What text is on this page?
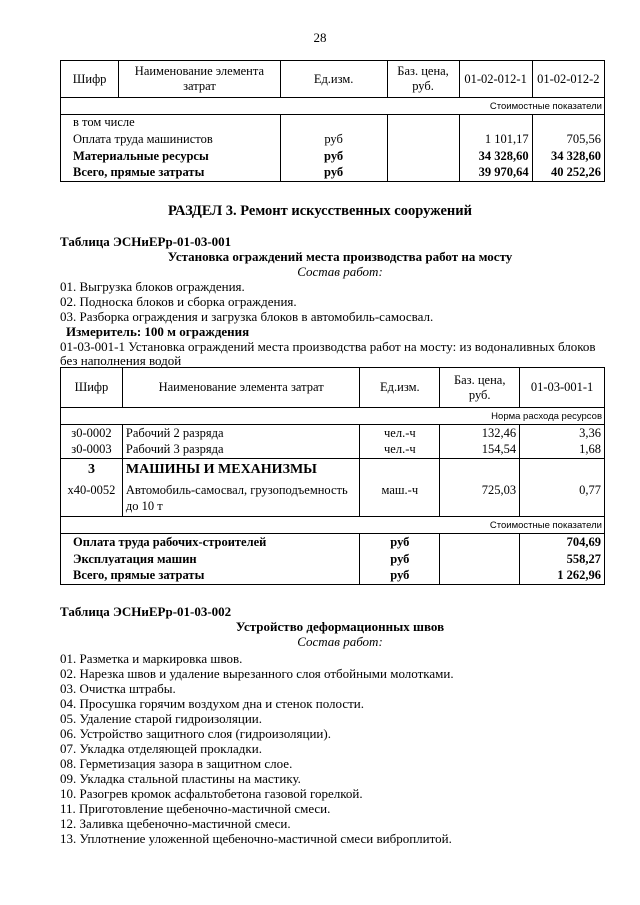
28
Шифр	Наименование элемента затрат	Ед.изм.	Баз. цена, руб.	01-02-012-1	01-02-012-2
Стоимостные показатели					
в том числе					
Оплата труда машинистов		руб		1 101,17	705,56
Материальные ресурсы		руб		34 328,60	34 328,60
Всего, прямые затраты		руб		39 970,64	40 252,26
РАЗДЕЛ 3. Ремонт искусственных сооружений
Таблица ЭСНиЕРр-01-03-001
Установка ограждений места производства работ на мосту
Состав работ:
01. Выгрузка блоков ограждения.
02. Подноска блоков и сборка ограждения.
03. Разборка ограждения и загрузка блоков в автомобиль-самосвал.
Измеритель: 100 м ограждения
01-03-001-1 Установка ограждений места производства работ на мосту: из водоналивных блоков
без наполнения водой
Шифр	Наименование элемента затрат	Ед.изм.	Баз. цена, руб.	01-03-001-1
Норма расхода ресурсов				
з0-0002	Рабочий 2 разряда	чел.-ч	132,46	3,36
з0-0003	Рабочий 3 разряда	чел.-ч	154,54	1,68
3	МАШИНЫ И МЕХАНИЗМЫ			
х40-0052	Автомобиль-самосвал, грузоподъемность до 10 т	маш.-ч	725,03	0,77
Стоимостные показатели				
Оплата труда рабочих-строителей		руб		704,69
Эксплуатация машин		руб		558,27
Всего, прямые затраты		руб		1 262,96
Таблица ЭСНиЕРр-01-03-002
Устройство деформационных швов
Состав работ:
01. Разметка и маркировка швов.
02. Нарезка швов и удаление вырезанного слоя отбойными молотками.
03. Очистка штрабы.
04. Просушка горячим воздухом дна и стенок полости.
05. Удаление старой гидроизоляции.
06. Устройство защитного слоя (гидроизоляции).
07. Укладка отделяющей прокладки.
08. Герметизация зазора в защитном слое.
09. Укладка стальной пластины на мастику.
10. Разогрев кромок асфальтобетона газовой горелкой.
11. Приготовление щебеночно-мастичной смеси.
12. Заливка щебеночно-мастичной смеси.
13. Уплотнение уложенной щебеночно-мастичной смеси виброплитой.
